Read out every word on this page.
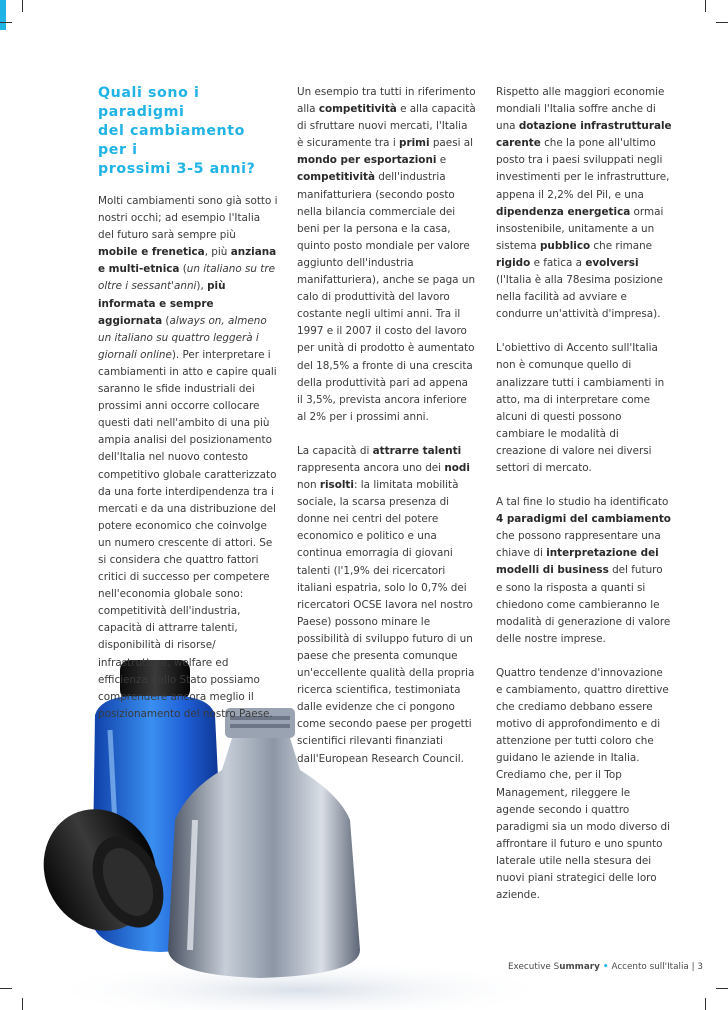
Quali sono i paradigmi
del cambiamento per i
prossimi 3-5 anni?

Molti cambiamenti sono già sotto i nostri occhi; ad esempio l'Italia del futuro sarà sempre più mobile e frenetica, più anziana e multi-etnica (un italiano su tre oltre i sessant'anni), più informata e sempre aggiornata (always on, almeno un italiano su quattro leggerà i giornali online). Per interpretare i cambiamenti in atto e capire quali saranno le sfide industriali dei prossimi anni occorre collocare questi dati nell'ambito di una più ampia analisi del posizionamento dell'Italia nel nuovo contesto competitivo globale caratterizzato da una forte interdipendenza tra i mercati e da una distribuzione del potere economico che coinvolge un numero crescente di attori. Se si considera che quattro fattori critici di successo per competere nell'economia globale sono: competitività dell'industria, capacità di attrarre talenti, disponibilità di risorse/ infrastrutture, welfare ed efficienza dello Stato possiamo comprendere ancora meglio il posizionamento del nostro Paese.

Un esempio tra tutti in riferimento alla competitività e alla capacità di sfruttare nuovi mercati, l'Italia è sicuramente tra i primi paesi al mondo per esportazioni e competitività dell'industria manifatturiera (secondo posto nella bilancia commerciale dei beni per la persona e la casa, quinto posto mondiale per valore aggiunto dell'industria manifatturiera), anche se paga un calo di produttività del lavoro costante negli ultimi anni. Tra il 1997 e il 2007 il costo del lavoro per unità di prodotto è aumentato del 18,5% a fronte di una crescita della produttività pari ad appena il 3,5%, prevista ancora inferiore al 2% per i prossimi anni.

La capacità di attrarre talenti rappresenta ancora uno dei nodi non risolti: la limitata mobilità sociale, la scarsa presenza di donne nei centri del potere economico e politico e una continua emorragia di giovani talenti (l'1,9% dei ricercatori italiani espatria, solo lo 0,7% dei ricercatori OCSE lavora nel nostro Paese) possono minare le possibilità di sviluppo futuro di un paese che presenta comunque un'eccellente qualità della propria ricerca scientifica, testimoniata dalle evidenze che ci pongono come secondo paese per progetti scientifici rilevanti finanziati dall'European Research Council.

Rispetto alle maggiori economie mondiali l'Italia soffre anche di una dotazione infrastrutturale carente che la pone all'ultimo posto tra i paesi sviluppati negli investimenti per le infrastrutture, appena il 2,2% del Pil, e una dipendenza energetica ormai insostenibile, unitamente a un sistema pubblico che rimane rigido e fatica a evolversi (l'Italia è alla 78esima posizione nella facilità ad avviare e condurre un'attività d'impresa).

L'obiettivo di Accento sull'Italia non è comunque quello di analizzare tutti i cambiamenti in atto, ma di interpretare come alcuni di questi possono cambiare le modalità di creazione di valore nei diversi settori di mercato.

A tal fine lo studio ha identificato 4 paradigmi del cambiamento che possono rappresentare una chiave di interpretazione dei modelli di business del futuro e sono la risposta a quanti si chiedono come cambieranno le modalità di generazione di valore delle nostre imprese.

Quattro tendenze d'innovazione e cambiamento, quattro direttive che crediamo debbano essere motivo di approfondimento e di attenzione per tutti coloro che guidano le aziende in Italia. Crediamo che, per il Top Management, rileggere le agende secondo i quattro paradigmi sia un modo diverso di affrontare il futuro e uno spunto laterale utile nella stesura dei nuovi piani strategici delle loro aziende.

Executive Summary • Accento sull'Italia | 3
